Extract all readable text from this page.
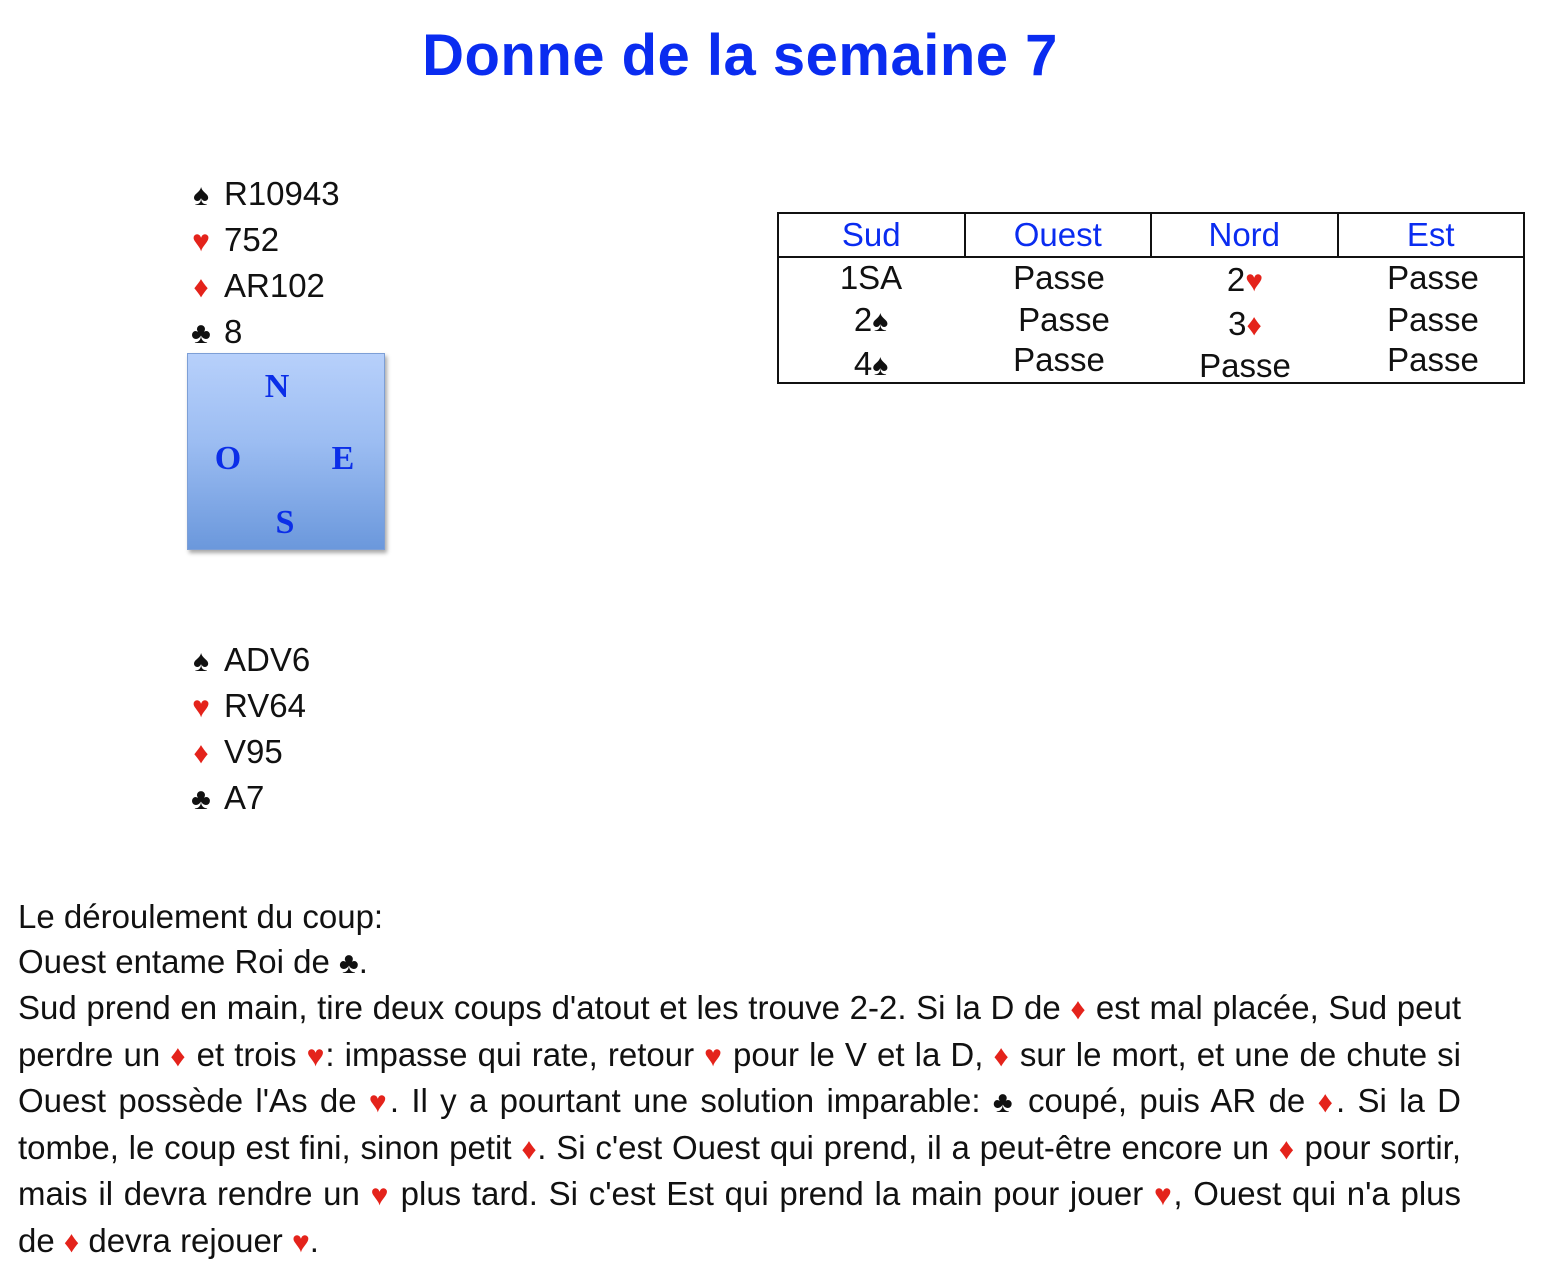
Donne de la semaine 7
♠ R10943
♥ 752
♦ AR102
♣ 8
N
O	E
S
♠ ADV6
♥ RV64
♦ V95
♣ A7
Sud	Ouest	Nord	Est
1SA	Passe	2♥	Passe
2♠	Passe	3♦	Passe
4♠	Passe	Passe	Passe

Le déroulement du coup:

Ouest entame Roi de ♣.

Sud prend en main, tire deux coups d'atout et les trouve 2-2. Si la D de ♦ est mal placée, Sud peut perdre un ♦ et trois ♥: impasse qui rate, retour ♥ pour le V et la D, ♦ sur le mort, et une de chute si Ouest possède l'As de ♥. Il y a pourtant une solution imparable: ♣ coupé, puis AR de ♦. Si la D tombe, le coup est fini, sinon petit ♦. Si c'est Ouest qui prend, il a peut-être encore un ♦ pour sortir, mais il devra rendre un ♥ plus tard. Si c'est Est qui prend la main pour jouer ♥, Ouest qui n'a plus de ♦ devra rejouer ♥.
